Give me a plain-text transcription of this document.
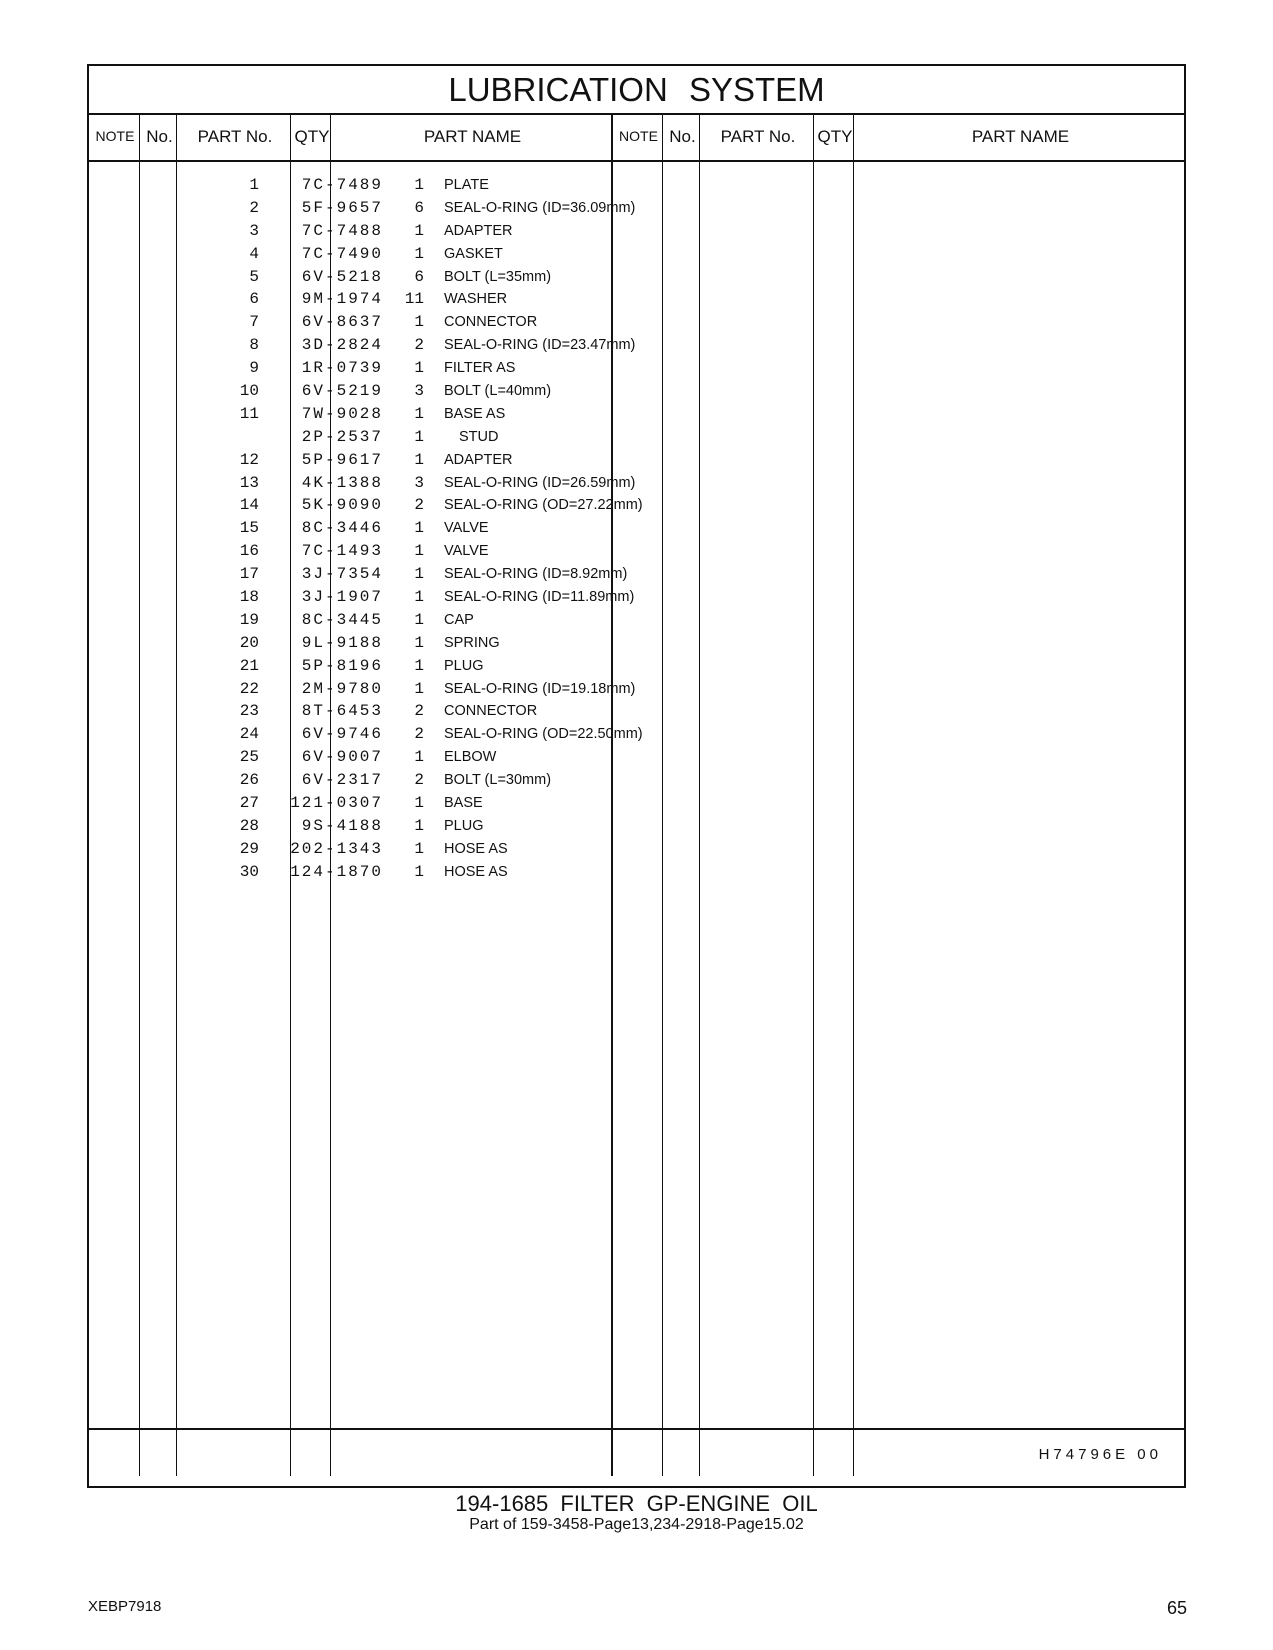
LUBRICATION SYSTEM
NOTE No.	PART No.	QTY	PART NAME	NOTE No.	PART No.	QTY	PART NAME
1	7C-7489	1 PLATE
2	5F-9657	6 SEAL-O-RING (ID=36.09mm)
3	7C-7488	1 ADAPTER
4	7C-7490	1 GASKET
5	6V-5218	6 BOLT (L=35mm)
6	9M-1974	11 WASHER
7	6V-8637	1 CONNECTOR
8	3D-2824	2 SEAL-O-RING (ID=23.47mm)
9	1R-0739	1 FILTER AS
10	6V-5219	3 BOLT (L=40mm)
11	7W-9028	1 BASE AS
2P-2537	1 STUD
12	5P-9617	1 ADAPTER
13	4K-1388	3 SEAL-O-RING (ID=26.59mm)
14	5K-9090	2 SEAL-O-RING (OD=27.22mm)
15	8C-3446	1 VALVE
16	7C-1493	1 VALVE
17	3J-7354	1 SEAL-O-RING (ID=8.92mm)
18	3J-1907	1 SEAL-O-RING (ID=11.89mm)
19	8C-3445	1 CAP
20	9L-9188	1 SPRING
21	5P-8196	1 PLUG
22	2M-9780	1 SEAL-O-RING (ID=19.18mm)
23	8T-6453	2 CONNECTOR
24	6V-9746	2 SEAL-O-RING (OD=22.50mm)
25	6V-9007	1 ELBOW
26	6V-2317	2 BOLT (L=30mm)
27	121-0307	1 BASE
28	9S-4188	1 PLUG
29	202-1343	1 HOSE AS
30	124-1870	1 HOSE AS
H74796E 00
194-1685 FILTER GP-ENGINE OIL
Part of 159-3458-Page13,234-2918-Page15.02
XEBP7918	65
